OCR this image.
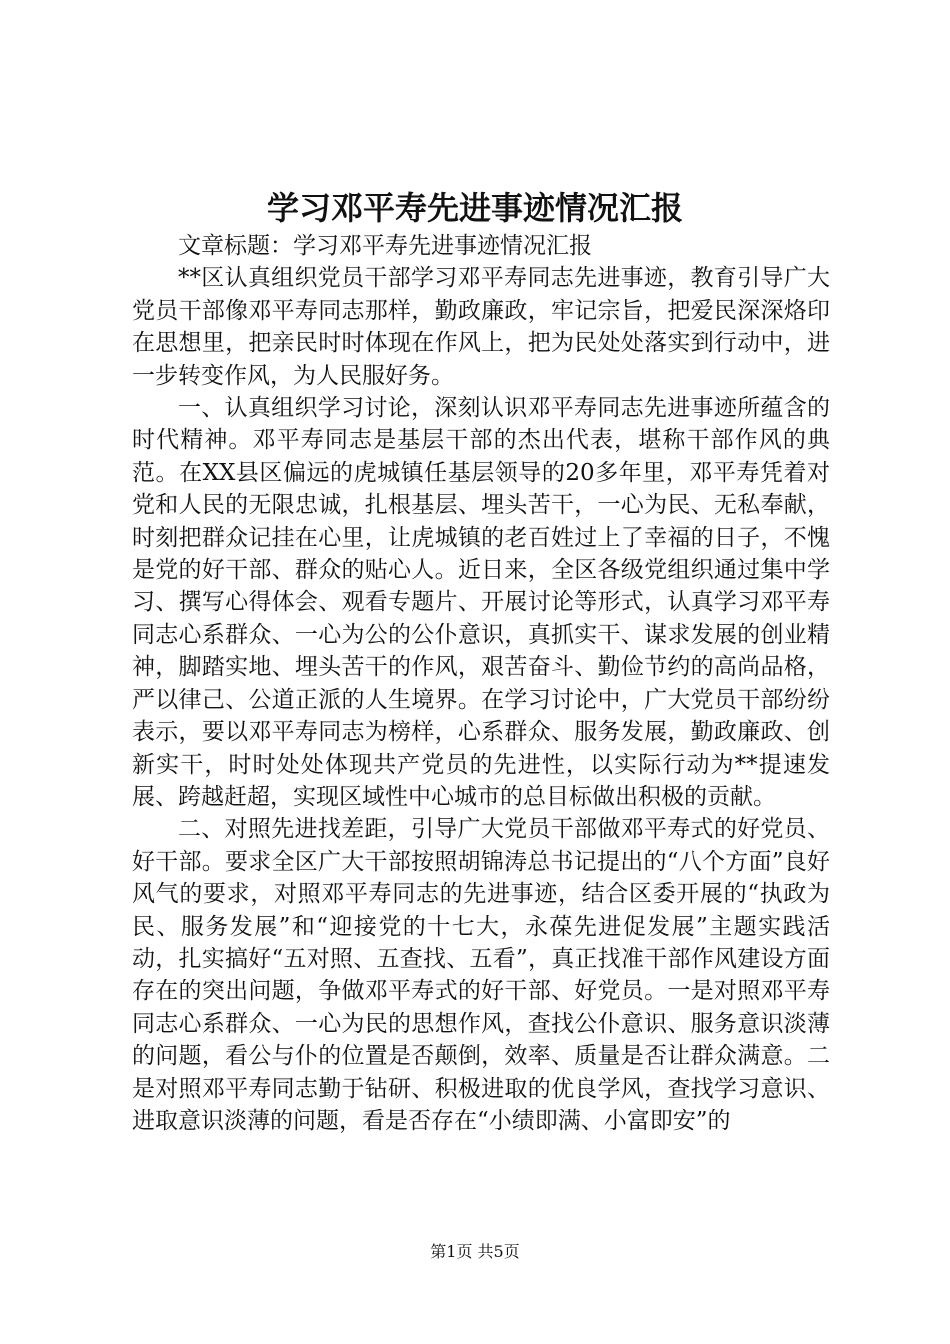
学习邓平寿先进事迹情况汇报

文章标题：学习邓平寿先进事迹情况汇报

**区认真组织党员干部学习邓平寿同志先进事迹，教育引导广大党员干部像邓平寿同志那样，勤政廉政，牢记宗旨，把爱民深深烙印在思想里，把亲民时时体现在作风上，把为民处处落实到行动中，进一步转变作风，为人民服好务。

一、认真组织学习讨论，深刻认识邓平寿同志先进事迹所蕴含的时代精神。邓平寿同志是基层干部的杰出代表，堪称干部作风的典范。在XX县区偏远的虎城镇任基层领导的20多年里，邓平寿凭着对党和人民的无限忠诚，扎根基层、埋头苦干，一心为民、无私奉献，时刻把群众记挂在心里，让虎城镇的老百姓过上了幸福的日子，不愧是党的好干部、群众的贴心人。近日来，全区各级党组织通过集中学习、撰写心得体会、观看专题片、开展讨论等形式，认真学习邓平寿同志心系群众、一心为公的公仆意识，真抓实干、谋求发展的创业精神，脚踏实地、埋头苦干的作风，艰苦奋斗、勤俭节约的高尚品格，严以律己、公道正派的人生境界。在学习讨论中，广大党员干部纷纷表示，要以邓平寿同志为榜样，心系群众、服务发展，勤政廉政、创新实干，时时处处体现共产党员的先进性，以实际行动为**提速发展、跨越赶超，实现区域性中心城市的总目标做出积极的贡献。

二、对照先进找差距，引导广大党员干部做邓平寿式的好党员、好干部。要求全区广大干部按照胡锦涛总书记提出的“八个方面”良好风气的要求，对照邓平寿同志的先进事迹，结合区委开展的“执政为民、服务发展”和“迎接党的十七大，永葆先进促发展”主题实践活动，扎实搞好“五对照、五查找、五看”，真正找准干部作风建设方面存在的突出问题，争做邓平寿式的好干部、好党员。一是对照邓平寿同志心系群众、一心为民的思想作风，查找公仆意识、服务意识淡薄的问题，看公与仆的位置是否颠倒，效率、质量是否让群众满意。二是对照邓平寿同志勤于钻研、积极进取的优良学风，查找学习意识、进取意识淡薄的问题，看是否存在“小绩即满、小富即安”的

第1页 共5页
